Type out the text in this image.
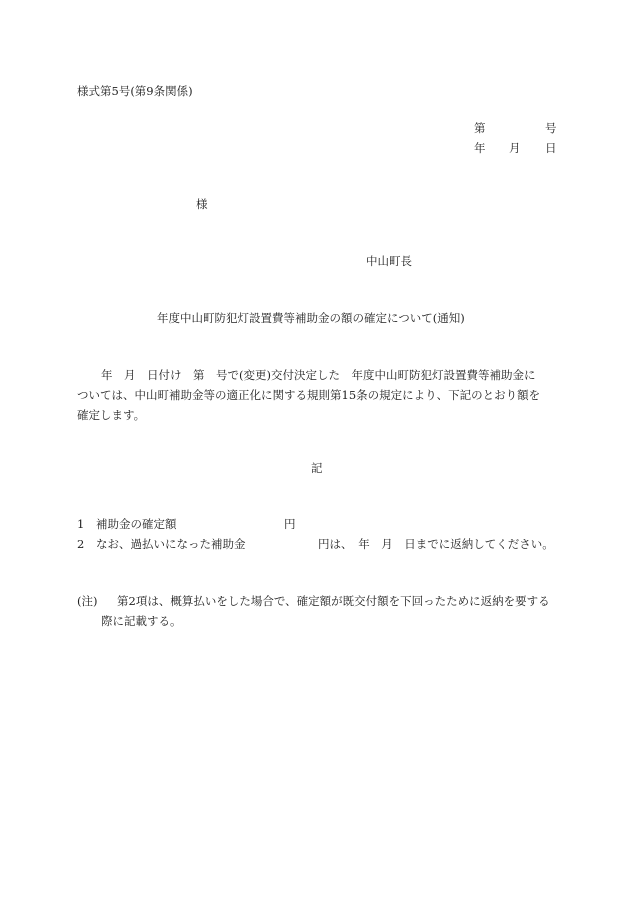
様式第5号(第9条関係)
第	号
年 月 日
様
中山町長
年度中山町防犯灯設置費等補助金の額の確定について(通知)
年　月　日付け　第　号で(変更)交付決定した　年度中山町防犯灯設置費等補助金に
ついては、中山町補助金等の適正化に関する規則第15条の規定により、下記のとおり額を
確定します。
記
1 補助金の確定額	円
2 なお、過払いになった補助金	円は、　年　月　日までに返納してください。
(注) 第2項は、概算払いをした場合で、確定額が既交付額を下回ったために返納を要する
際に記載する。
